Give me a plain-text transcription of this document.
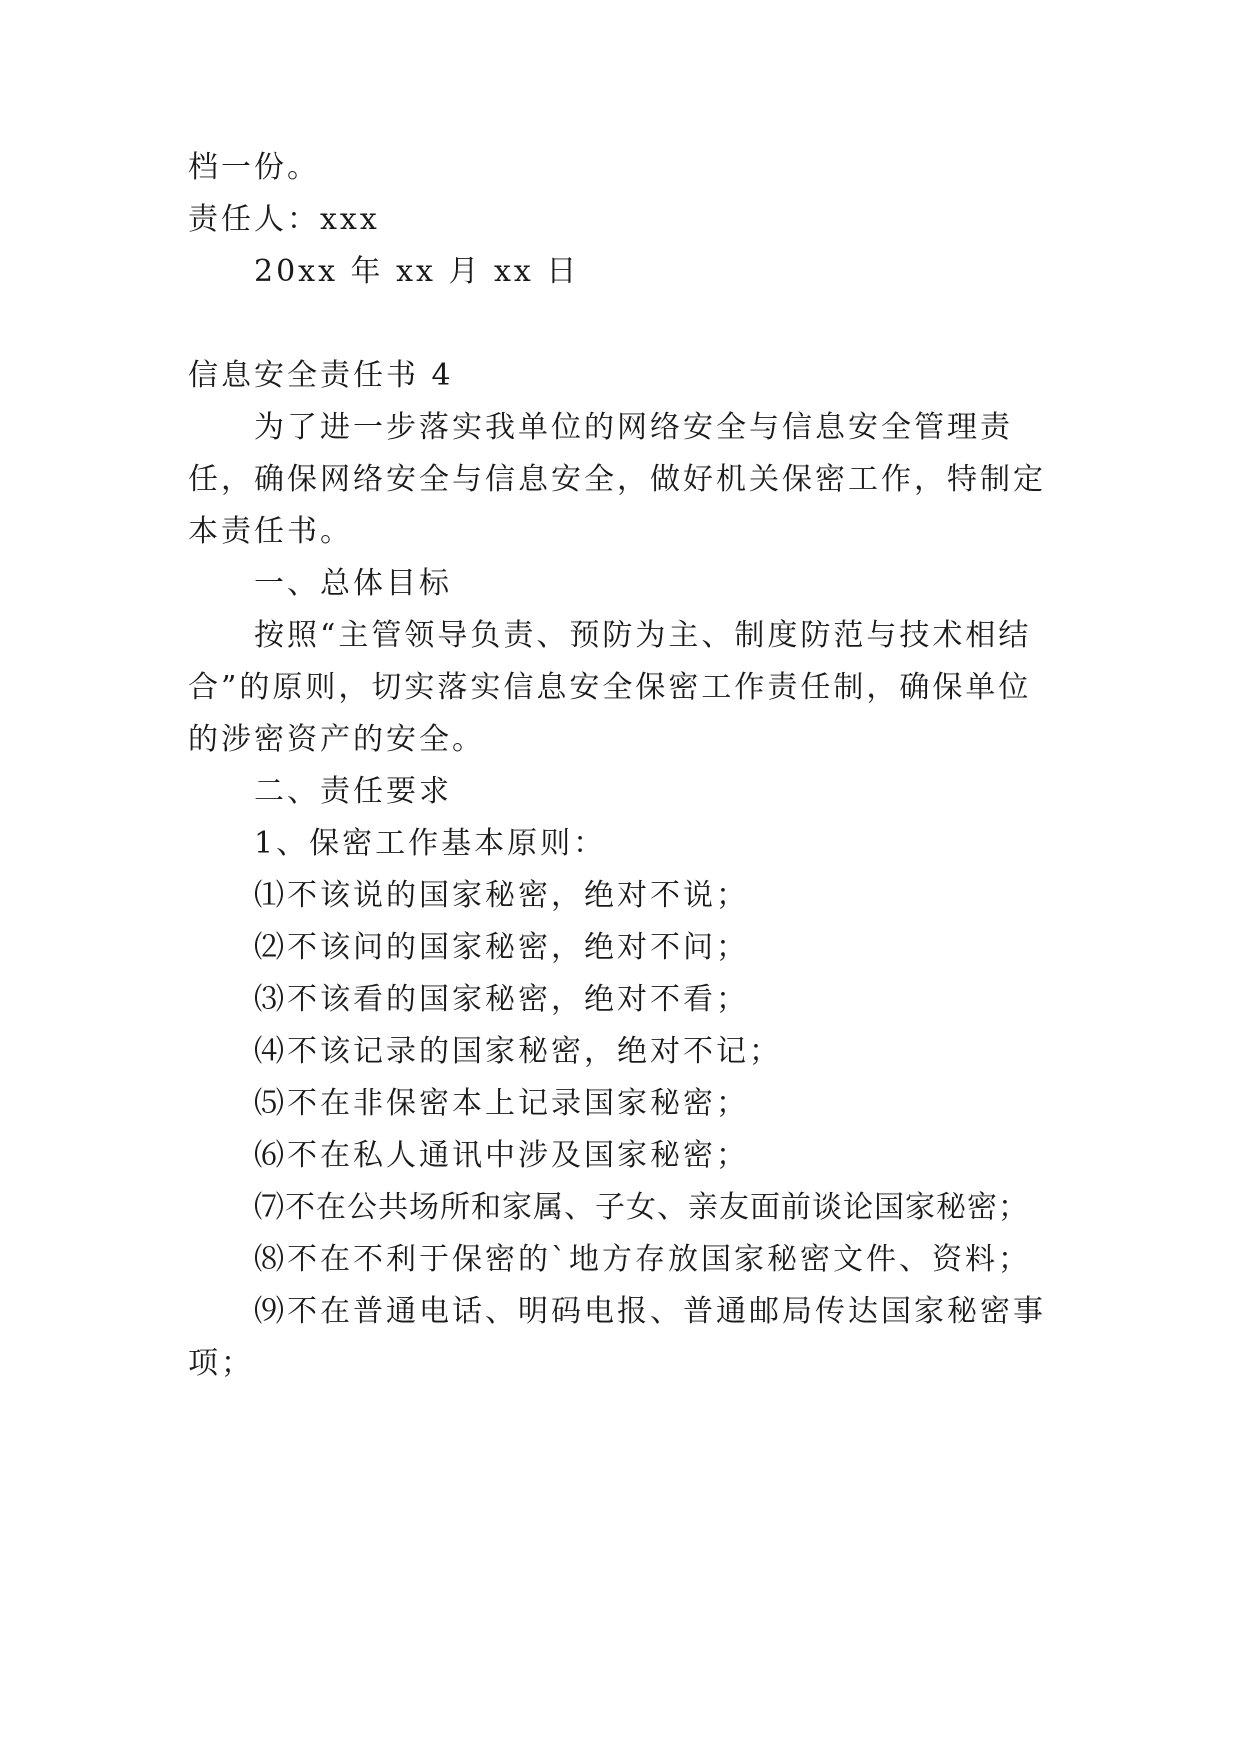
档一份。
责任人：xxx
20xx 年 xx 月 xx 日
信息安全责任书 4
为了进一步落实我单位的网络安全与信息安全管理责
任，确保网络安全与信息安全，做好机关保密工作，特制定
本责任书。
一、总体目标
按照“主管领导负责、预防为主、制度防范与技术相结
合”的原则，切实落实信息安全保密工作责任制，确保单位
的涉密资产的安全。
二、责任要求
1、保密工作基本原则：
⑴不该说的国家秘密，绝对不说；
⑵不该问的国家秘密，绝对不问；
⑶不该看的国家秘密，绝对不看；
⑷不该记录的国家秘密，绝对不记；
⑸不在非保密本上记录国家秘密；
⑹不在私人通讯中涉及国家秘密；
⑺不在公共场所和家属、子女、亲友面前谈论国家秘密；
⑻不在不利于保密的`地方存放国家秘密文件、资料；
⑼不在普通电话、明码电报、普通邮局传达国家秘密事
项；
